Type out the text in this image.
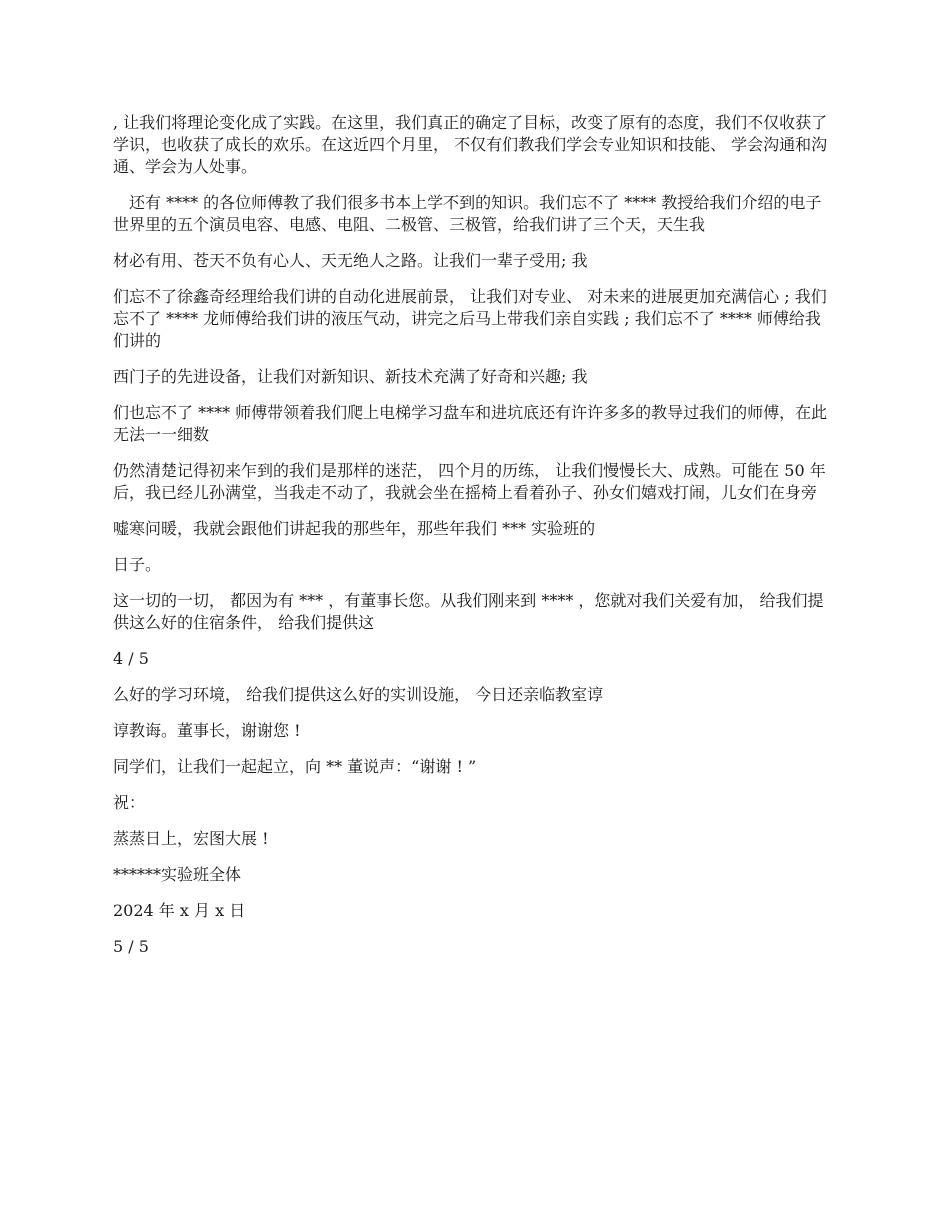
, 让我们将理论变化成了实践。在这里，我们真正的确定了目标，改变了原有的态度，我们不仅收获了学识，也收获了成长的欢乐。在这近四个月里， 不仅有们教我们学会专业知识和技能、 学会沟通和沟通、学会为人处事。

还有 **** 的各位师傅教了我们很多书本上学不到的知识。我们忘不了 **** 教授给我们介绍的电子世界里的五个演员电容、电感、电阻、二极管、三极管，给我们讲了三个天，天生我

材必有用、苍天不负有心人、天无绝人之路。让我们一辈子受用; 我

们忘不了徐鑫奇经理给我们讲的自动化进展前景， 让我们对专业、 对未来的进展更加充满信心 ; 我们忘不了 **** 龙师傅给我们讲的液压气动，讲完之后马上带我们亲自实践 ; 我们忘不了 **** 师傅给我们讲的

西门子的先进设备，让我们对新知识、新技术充满了好奇和兴趣; 我

们也忘不了 **** 师傅带领着我们爬上电梯学习盘车和进坑底还有许许多多的教导过我们的师傅，在此无法一一细数

仍然清楚记得初来乍到的我们是那样的迷茫， 四个月的历练， 让我们慢慢长大、成熟。可能在 50 年后，我已经儿孙满堂，当我走不动了，我就会坐在摇椅上看着孙子、孙女们嬉戏打闹，儿女们在身旁

嘘寒问暖，我就会跟他们讲起我的那些年，那些年我们 *** 实验班的

日子。

这一切的一切， 都因为有 *** ，有董事长您。从我们刚来到 **** ，您就对我们关爱有加， 给我们提供这么好的住宿条件， 给我们提供这

4 / 5

么好的学习环境， 给我们提供这么好的实训设施， 今日还亲临教室谆

谆教诲。董事长，谢谢您 !

同学们，让我们一起起立，向 ** 董说声：“谢谢 ! ”

祝：

蒸蒸日上，宏图大展 !

******实验班全体

2024 年 x 月 x 日

5 / 5
